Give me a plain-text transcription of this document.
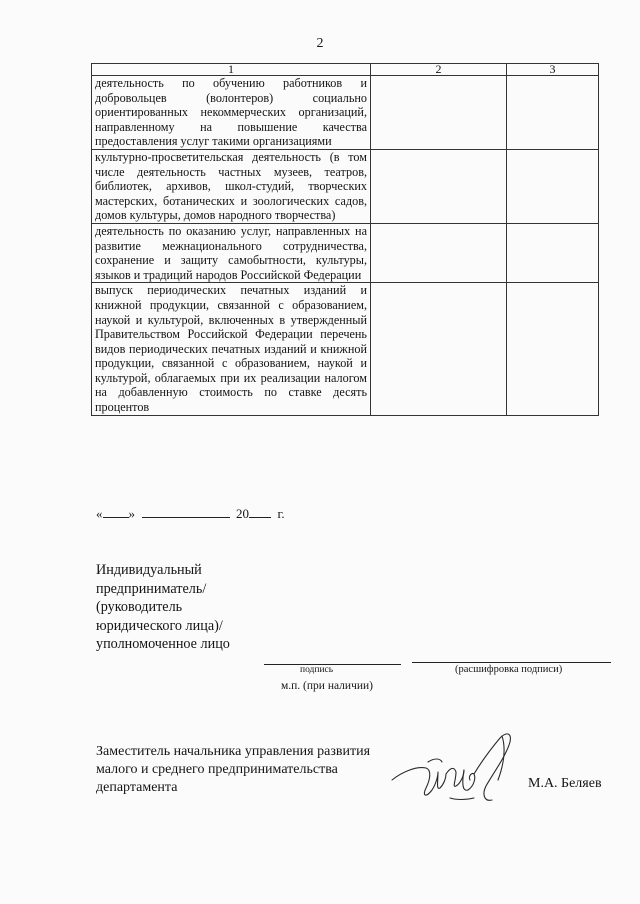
2
1	2	3
деятельность по обучению работников и добровольцев (волонтеров) социально ориентированных некоммерческих организаций, направленному на повышение качества предоставления услуг такими организациями		
культурно-просветительская деятельность (в том числе деятельность частных музеев, театров, библиотек, архивов, школ-студий, творческих мастерских, ботанических и зоологических садов, домов культуры, домов народного творчества)		
деятельность по оказанию услуг, направленных на развитие межнационального сотрудничества, сохранение и защиту самобытности, культуры, языков и традиций народов Российской Федерации		
выпуск периодических печатных изданий и книжной продукции, связанной с образованием, наукой и культурой, включенных в утвержденный Правительством Российской Федерации перечень видов периодических печатных изданий и книжной продукции, связанной с образованием, наукой и культурой, облагаемых при их реализации налогом на добавленную стоимость по ставке десять процентов		
« »	20 г.
Индивидуальный предприниматель/ (руководитель юридического лица)/уполномоченное лицо
подпись	(расшифровка подписи)
м.п. (при наличии)
Заместитель начальника управления развития малого и среднего предпринимательства департамента	М.А. Беляев
